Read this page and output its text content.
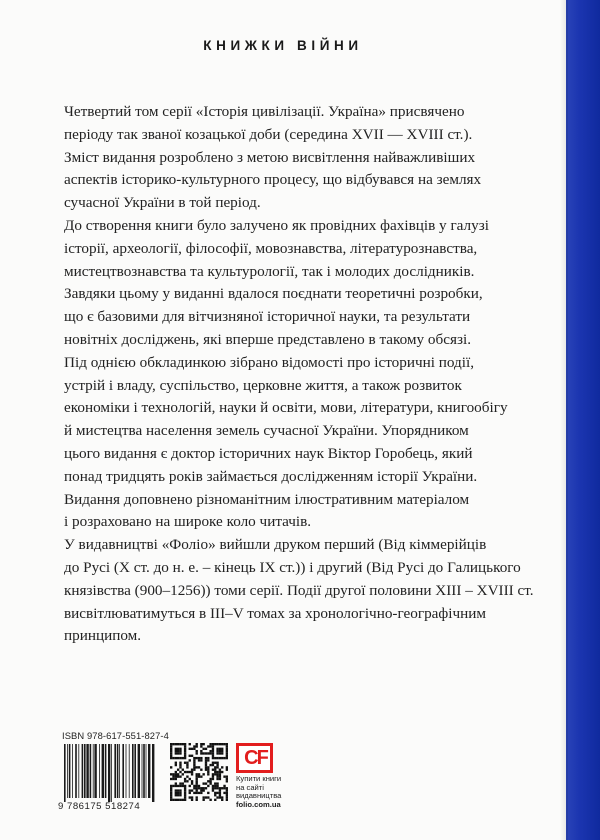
КНИЖКИ ВІЙНИ
Четвертий том серії «Історія цивілізації. Україна» присвячено
періоду так званої козацької доби (середина XVII — XVIII ст.).
Зміст видання розроблено з метою висвітлення найважливіших
аспектів історико-культурного процесу, що відбувався на землях
сучасної України в той період.
До створення книги було залучено як провідних фахівців у галузі
історії, археології, філософії, мовознавства, літературознавства,
мистецтвознавства та культурології, так і молодих дослідників.
Завдяки цьому у виданні вдалося поєднати теоретичні розробки,
що є базовими для вітчизняної історичної науки, та результати
новітніх досліджень, які вперше представлено в такому обсязі.
Під однією обкладинкою зібрано відомості про історичні події,
устрій і владу, суспільство, церковне життя, а також розвиток
економіки і технологій, науки й освіти, мови, літератури, книгообігу
й мистецтва населення земель сучасної України. Упорядником
цього видання є доктор історичних наук Віктор Горобець, який
понад тридцять років займається дослідженням історії України.
Видання доповнено різноманітним ілюстративним матеріалом
і розраховано на широке коло читачів.
У видавництві «Фоліо» вийшли друком перший (Від кіммерійців
до Русі (X ст. до н. е. – кінець IX ст.)) і другий (Від Русі до Галицького
князівства (900–1256)) томи серії. Події другої половини XIII – XVIII ст.
висвітлюватимуться в III–V томах за хронологічно-географічним
принципом.
ISBN 978-617-551-827-4
9 786175 518274
CF
Купити книги
на сайті
видавництва
folio.com.ua
